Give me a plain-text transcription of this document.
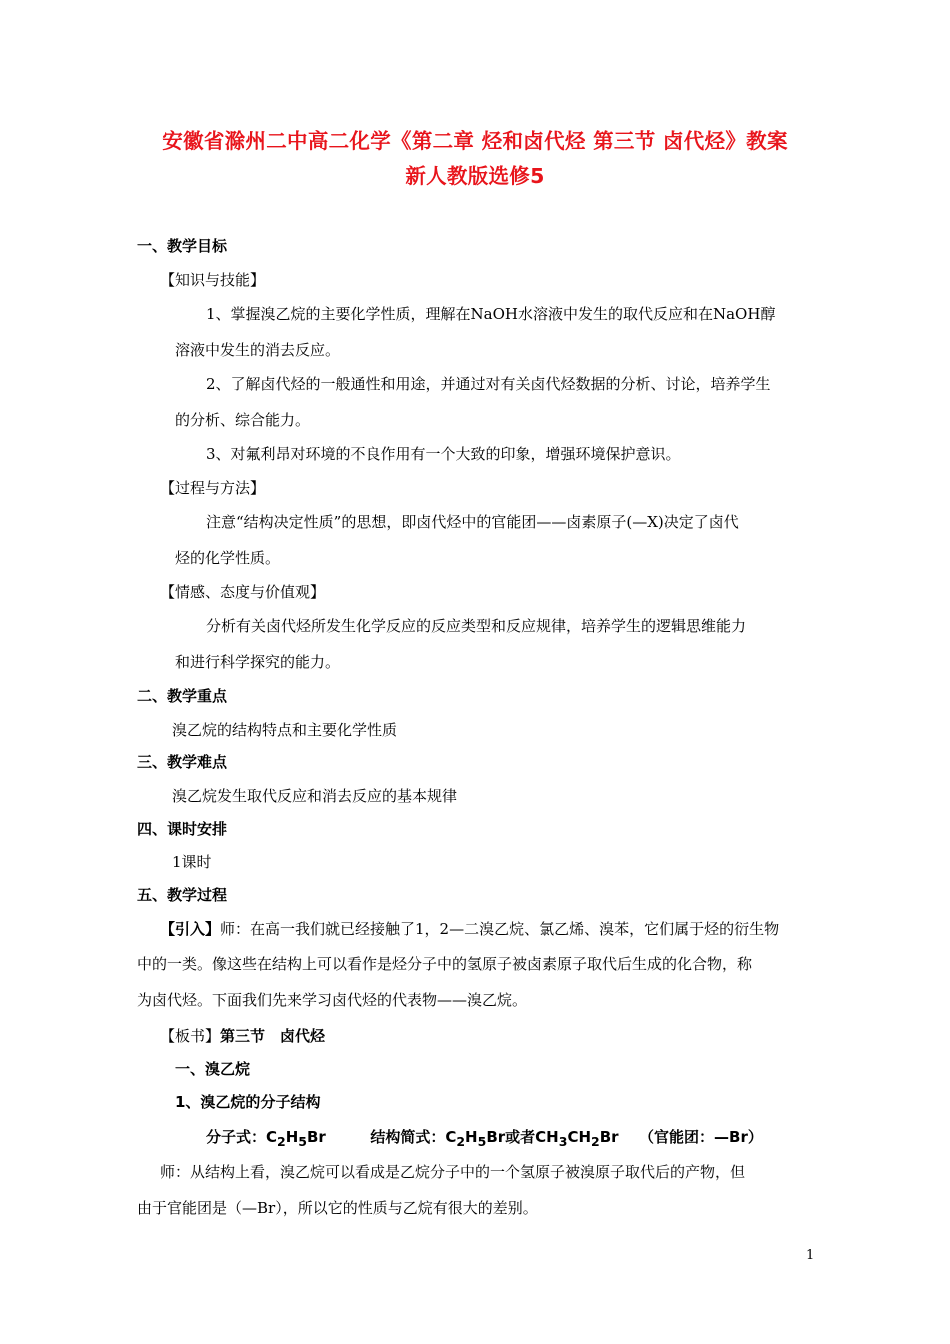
安徽省滁州二中高二化学《第二章 烃和卤代烃 第三节 卤代烃》教案
新人教版选修5
一、教学目标
【知识与技能】
1、掌握溴乙烷的主要化学性质，理解在NaOH水溶液中发生的取代反应和在NaOH醇
溶液中发生的消去反应。
2、了解卤代烃的一般通性和用途，并通过对有关卤代烃数据的分析、讨论，培养学生
的分析、综合能力。
3、对氟利昂对环境的不良作用有一个大致的印象，增强环境保护意识。
【过程与方法】
注意“结构决定性质”的思想，即卤代烃中的官能团——卤素原子(—X)决定了卤代
烃的化学性质。
【情感、态度与价值观】
分析有关卤代烃所发生化学反应的反应类型和反应规律，培养学生的逻辑思维能力
和进行科学探究的能力。
二、教学重点
溴乙烷的结构特点和主要化学性质
三、教学难点
溴乙烷发生取代反应和消去反应的基本规律
四、课时安排
1课时
五、教学过程
【引入】师：在高一我们就已经接触了1，2—二溴乙烷、氯乙烯、溴苯，它们属于烃的衍生物
中的一类。像这些在结构上可以看作是烃分子中的氢原子被卤素原子取代后生成的化合物，称
为卤代烃。下面我们先来学习卤代烃的代表物——溴乙烷。
【板书】第三节　卤代烃
一、溴乙烷
1、溴乙烷的分子结构
分子式：$C_2H_5Br$	结构简式：$C_2H_5Br$或者$CH_3CH_2Br$ （官能团：—Br）
师：从结构上看，溴乙烷可以看成是乙烷分子中的一个氢原子被溴原子取代后的产物，但
由于官能团是（—Br），所以它的性质与乙烷有很大的差别。
1
